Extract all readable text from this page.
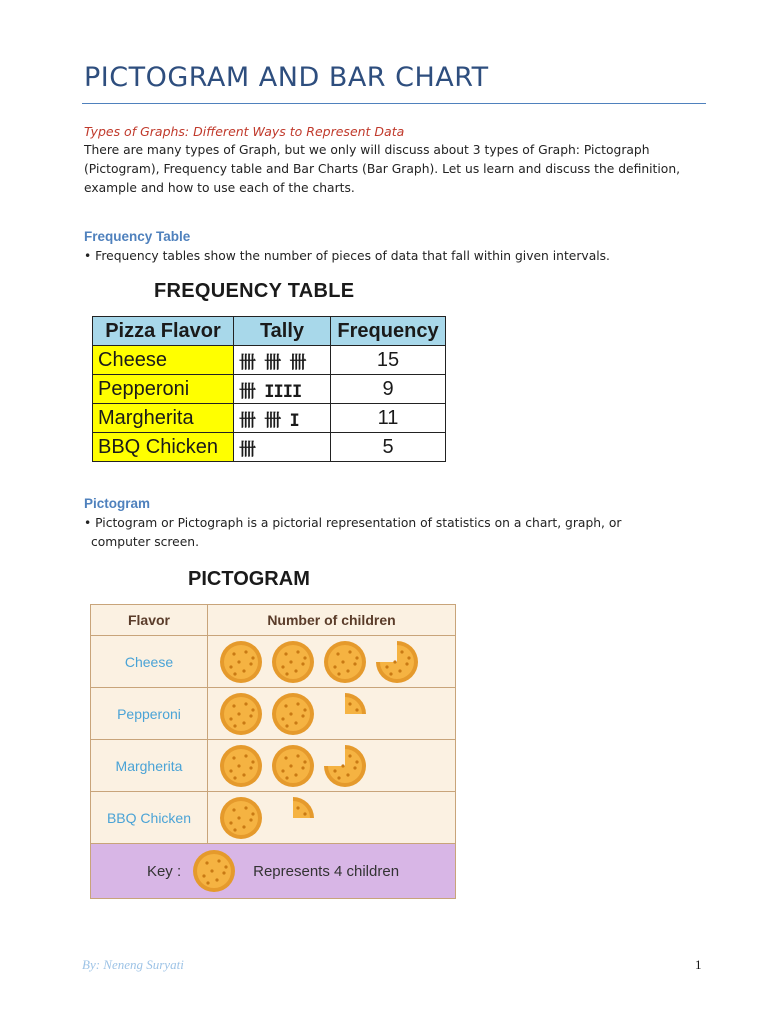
PICTOGRAM AND BAR CHART
Types of Graphs: Different Ways to Represent Data
There are many types of Graph, but we only will discuss about 3 types of Graph: Pictograph (Pictogram), Frequency table and Bar Charts (Bar Graph). Let us learn and discuss the definition, example and how to use each of the charts.
Frequency Table
• Frequency tables show the number of pieces of data that fall within given intervals.
FREQUENCY TABLE
Pizza Flavor	Tally	Frequency
Cheese	卌 卌 卌	15
Pepperoni	卌 IIII	9
Margherita	卌 卌 I	11
BBQ Chicken	卌	5
Pictogram
• Pictogram or Pictograph is a pictorial representation of statistics on a chart, graph, or
computer screen.
PICTOGRAM
Flavor	Number of children
Cheese	
Pepperoni	
Margherita	
BBQ Chicken	

Key : Represents 4 children	
By: Neneng Suryati	1
